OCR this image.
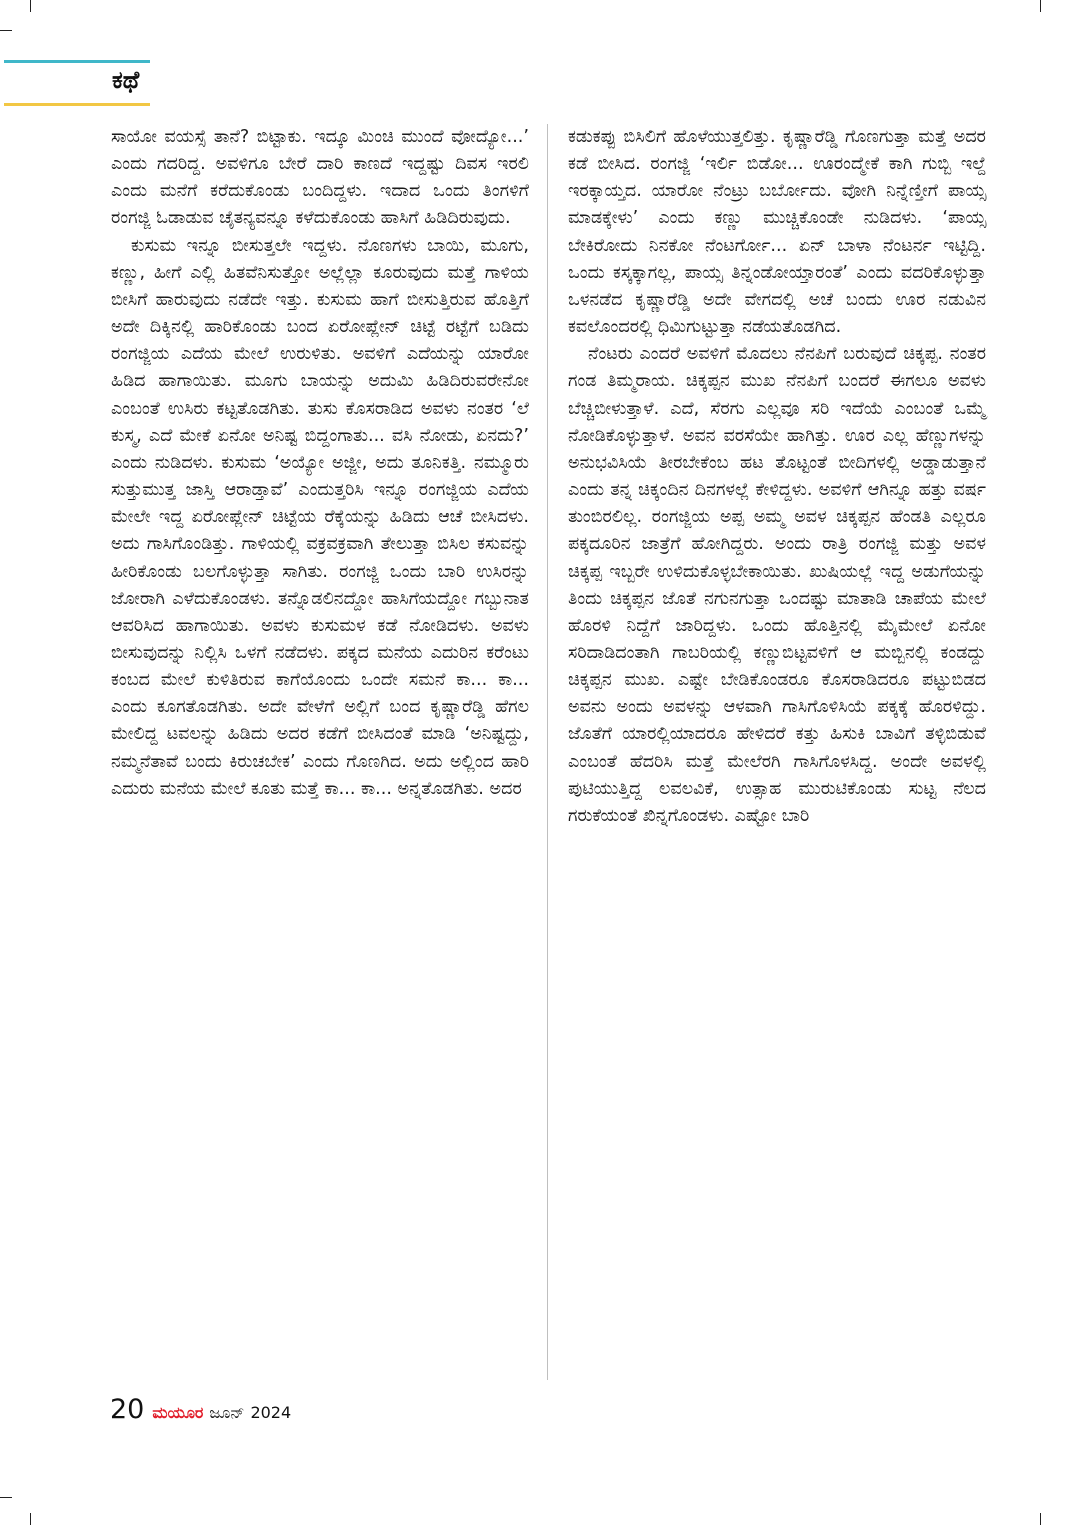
ಕಥೆ

ಸಾಯೋ ವಯಸ್ಸೆ ತಾನೆ? ಬಿಟ್ಟಾಕು. ಇದ್ಕೂ ಮಿಂಚಿ ಮುಂದೆ ವೋದ್ಯೋ...’ ಎಂದು ಗದರಿದ್ದ. ಅವಳಿಗೂ ಬೇರೆ ದಾರಿ ಕಾಣದೆ ಇದ್ದಷ್ಟು ದಿವಸ ಇರಲಿ ಎಂದು ಮನೆಗೆ ಕರೆದುಕೊಂಡು ಬಂದಿದ್ದಳು. ಇದಾದ ಒಂದು ತಿಂಗಳಿಗೆ ರಂಗಜ್ಜಿ ಓಡಾಡುವ ಚೈತನ್ಯವನ್ನೂ ಕಳೆದುಕೊಂಡು ಹಾಸಿಗೆ ಹಿಡಿದಿರುವುದು.

ಕುಸುಮ ಇನ್ನೂ ಬೀಸುತ್ತಲೇ ಇದ್ದಳು. ನೊಣಗಳು ಬಾಯಿ, ಮೂಗು, ಕಣ್ಣು, ಹೀಗೆ ಎಲ್ಲಿ ಹಿತವೆನಿಸುತ್ತೋ ಅಲ್ಲೆಲ್ಲಾ ಕೂರುವುದು ಮತ್ತೆ ಗಾಳಿಯ ಬೀಸಿಗೆ ಹಾರುವುದು ನಡೆದೇ ಇತ್ತು. ಕುಸುಮ ಹಾಗೆ ಬೀಸುತ್ತಿರುವ ಹೊತ್ತಿಗೆ ಅದೇ ದಿಕ್ಕಿನಲ್ಲಿ ಹಾರಿಕೊಂಡು ಬಂದ ಏರೋಪ್ಲೇನ್ ಚಿಟ್ಟೆ ರಟ್ಟೆಗೆ ಬಡಿದು ರಂಗಜ್ಜಿಯ ಎದೆಯ ಮೇಲೆ ಉರುಳಿತು. ಅವಳಿಗೆ ಎದೆಯನ್ನು ಯಾರೋ ಹಿಡಿದ ಹಾಗಾಯಿತು. ಮೂಗು ಬಾಯನ್ನು ಅದುಮಿ ಹಿಡಿದಿರುವರೇನೋ ಎಂಬಂತೆ ಉಸಿರು ಕಟ್ಟತೊಡಗಿತು. ತುಸು ಕೊಸರಾಡಿದ ಅವಳು ನಂತರ ‘ಲೆ ಕುಸ್ಮ, ಎದೆ ಮೇಕೆ ಏನೋ ಅನಿಷ್ಟ ಬಿದ್ದಂಗಾತು... ವಸಿ ನೋಡು, ಏನದು?’ ಎಂದು ನುಡಿದಳು. ಕುಸುಮ ‘ಅಯ್ಯೋ ಅಜ್ಜೀ, ಅದು ತೂನಿಕತ್ತಿ. ನಮ್ಮೂರು ಸುತ್ತುಮುತ್ತ ಜಾಸ್ತಿ ಆರಾಡ್ತಾವೆ’ ಎಂದುತ್ತರಿಸಿ ಇನ್ನೂ ರಂಗಜ್ಜಿಯ ಎದೆಯ ಮೇಲೇ ಇದ್ದ ಏರೋಪ್ಲೇನ್ ಚಿಟ್ಟೆಯ ರೆಕ್ಕೆಯನ್ನು ಹಿಡಿದು ಆಚೆ ಬೀಸಿದಳು. ಅದು ಗಾಸಿಗೊಂಡಿತ್ತು. ಗಾಳಿಯಲ್ಲಿ ವಕ್ರವಕ್ರವಾಗಿ ತೇಲುತ್ತಾ ಬಿಸಿಲ ಕಸುವನ್ನು ಹೀರಿಕೊಂಡು ಬಲಗೊಳ್ಳುತ್ತಾ ಸಾಗಿತು. ರಂಗಜ್ಜಿ ಒಂದು ಬಾರಿ ಉಸಿರನ್ನು ಜೋರಾಗಿ ಎಳೆದುಕೊಂಡಳು. ತನ್ನೊಡಲಿನದ್ದೋ ಹಾಸಿಗೆಯದ್ದೋ ಗಬ್ಬುನಾತ ಆವರಿಸಿದ ಹಾಗಾಯಿತು. ಅವಳು ಕುಸುಮಳ ಕಡೆ ನೋಡಿದಳು. ಅವಳು ಬೀಸುವುದನ್ನು ನಿಲ್ಲಿಸಿ ಒಳಗೆ ನಡೆದಳು. ಪಕ್ಕದ ಮನೆಯ ಎದುರಿನ ಕರೆಂಟು ಕಂಬದ ಮೇಲೆ ಕುಳಿತಿರುವ ಕಾಗೆಯೊಂದು ಒಂದೇ ಸಮನೆ ಕಾ... ಕಾ... ಎಂದು ಕೂಗತೊಡಗಿತು. ಅದೇ ವೇಳೆಗೆ ಅಲ್ಲಿಗೆ ಬಂದ ಕೃಷ್ಣಾರೆಡ್ಡಿ ಹೆಗಲ ಮೇಲಿದ್ದ ಟವಲನ್ನು ಹಿಡಿದು ಅದರ ಕಡೆಗೆ ಬೀಸಿದಂತೆ ಮಾಡಿ ‘ಅನಿಷ್ಟದ್ದು, ನಮ್ಮನೆತಾವೆ ಬಂದು ಕಿರುಚಬೇಕ’ ಎಂದು ಗೊಣಗಿದ. ಅದು ಅಲ್ಲಿಂದ ಹಾರಿ ಎದುರು ಮನೆಯ ಮೇಲೆ ಕೂತು ಮತ್ತೆ ಕಾ... ಕಾ... ಅನ್ನತೊಡಗಿತು. ಅದರ

ಕಡುಕಪ್ಪು ಬಿಸಿಲಿಗೆ ಹೊಳೆಯುತ್ತಲಿತ್ತು. ಕೃಷ್ಣಾರೆಡ್ಡಿ ಗೊಣಗುತ್ತಾ ಮತ್ತೆ ಅದರ ಕಡೆ ಬೀಸಿದ. ರಂಗಜ್ಜಿ ‘ಇರ್ಲಿ ಬಿಡೋ... ಊರಂದ್ಮೇಕೆ ಕಾಗಿ ಗುಬ್ಬಿ ಇಲ್ದೆ ಇರಕ್ಕಾಯ್ತದ. ಯಾರೋ ನೆಂಟ್ರು ಬರ್ಬೋದು. ವೋಗಿ ನಿನ್ನೆಣ್ತೀಗೆ ಪಾಯ್ಸ ಮಾಡಕ್ಕೇಳು’ ಎಂದು ಕಣ್ಣು ಮುಚ್ಚಿಕೊಂಡೇ ನುಡಿದಳು. ‘ಪಾಯ್ಸ ಬೇಕಿರೋದು ನಿನಕೋ ನೆಂಟರ್ಗೋ... ಏನ್ ಬಾಳಾ ನೆಂಟರ್ನ ಇಟ್ಟಿದ್ದಿ. ಒಂದು ಕಸ್ಕಕ್ಕಾಗಲ್ಲ, ಪಾಯ್ಸ ತಿನ್ನಂಡೋಯ್ತಾರಂತೆ’ ಎಂದು ವದರಿಕೊಳ್ಳುತ್ತಾ ಒಳನಡೆದ ಕೃಷ್ಣಾರೆಡ್ಡಿ ಅದೇ ವೇಗದಲ್ಲಿ ಅಚೆ ಬಂದು ಊರ ನಡುವಿನ ಕವಲೊಂದರಲ್ಲಿ ಧಿಮಿಗುಟ್ಟುತ್ತಾ ನಡೆಯತೊಡಗಿದ.

ನೆಂಟರು ಎಂದರೆ ಅವಳಿಗೆ ಮೊದಲು ನೆನಪಿಗೆ ಬರುವುದೆ ಚಿಕ್ಕಪ್ಪ. ನಂತರ ಗಂಡ ತಿಮ್ಮರಾಯ. ಚಿಕ್ಕಪ್ಪನ ಮುಖ ನೆನಪಿಗೆ ಬಂದರೆ ಈಗಲೂ ಅವಳು ಬೆಚ್ಚಿಬೀಳುತ್ತಾಳೆ. ಎದೆ, ಸೆರಗು ಎಲ್ಲವೂ ಸರಿ ಇದೆಯೆ ಎಂಬಂತೆ ಒಮ್ಮೆ ನೋಡಿಕೊಳ್ಳುತ್ತಾಳೆ. ಅವನ ವರಸೆಯೇ ಹಾಗಿತ್ತು. ಊರ ಎಲ್ಲ ಹೆಣ್ಣುಗಳನ್ನು ಅನುಭವಿಸಿಯೆ ತೀರಬೇಕೆಂಬ ಹಟ ತೊಟ್ಟಂತೆ ಬೀದಿಗಳಲ್ಲಿ ಅಡ್ಡಾಡುತ್ತಾನೆ ಎಂದು ತನ್ನ ಚಿಕ್ಕಂದಿನ ದಿನಗಳಲ್ಲೆ ಕೇಳಿದ್ದಳು. ಅವಳಿಗೆ ಆಗಿನ್ನೂ ಹತ್ತು ವರ್ಷ ತುಂಬಿರಲಿಲ್ಲ. ರಂಗಜ್ಜಿಯ ಅಪ್ಪ ಅಮ್ಮ ಅವಳ ಚಿಕ್ಕಪ್ಪನ ಹೆಂಡತಿ ಎಲ್ಲರೂ ಪಕ್ಕದೂರಿನ ಜಾತ್ರೆಗೆ ಹೋಗಿದ್ದರು. ಅಂದು ರಾತ್ರಿ ರಂಗಜ್ಜಿ ಮತ್ತು ಅವಳ ಚಿಕ್ಕಪ್ಪ ಇಬ್ಬರೇ ಉಳಿದುಕೊಳ್ಳಬೇಕಾಯಿತು. ಖುಷಿಯಲ್ಲೆ ಇದ್ದ ಅಡುಗೆಯನ್ನು ತಿಂದು ಚಿಕ್ಕಪ್ಪನ ಜೊತೆ ನಗುನಗುತ್ತಾ ಒಂದಷ್ಟು ಮಾತಾಡಿ ಚಾಪೆಯ ಮೇಲೆ ಹೊರಳಿ ನಿದ್ದೆಗೆ ಜಾರಿದ್ದಳು. ಒಂದು ಹೊತ್ತಿನಲ್ಲಿ ಮೈಮೇಲೆ ಏನೋ ಸರಿದಾಡಿದಂತಾಗಿ ಗಾಬರಿಯಲ್ಲಿ ಕಣ್ಣುಬಿಟ್ಟವಳಿಗೆ ಆ ಮಬ್ಬಿನಲ್ಲಿ ಕಂಡದ್ದು ಚಿಕ್ಕಪ್ಪನ ಮುಖ. ಎಷ್ಟೇ ಬೇಡಿಕೊಂಡರೂ ಕೊಸರಾಡಿದರೂ ಪಟ್ಟುಬಿಡದ ಅವನು ಅಂದು ಅವಳನ್ನು ಆಳವಾಗಿ ಗಾಸಿಗೊಳಿಸಿಯೆ ಪಕ್ಕಕ್ಕೆ ಹೊರಳಿದ್ದು. ಜೊತೆಗೆ ಯಾರಲ್ಲಿಯಾದರೂ ಹೇಳಿದರೆ ಕತ್ತು ಹಿಸುಕಿ ಬಾವಿಗೆ ತಳ್ಳಿಬಿಡುವೆ ಎಂಬಂತೆ ಹೆದರಿಸಿ ಮತ್ತೆ ಮೇಲೆರಗಿ ಗಾಸಿಗೊಳಸಿದ್ದ. ಅಂದೇ ಅವಳಲ್ಲಿ ಪುಟಿಯುತ್ತಿದ್ದ ಲವಲವಿಕೆ, ಉತ್ಸಾಹ ಮುರುಟಿಕೊಂಡು ಸುಟ್ಟ ನೆಲದ ಗರುಕೆಯಂತೆ ಖಿನ್ನಗೊಂಡಳು. ಎಷ್ಟೋ ಬಾರಿ

20 ಮಯೂರ ಜೂನ್ 2024
